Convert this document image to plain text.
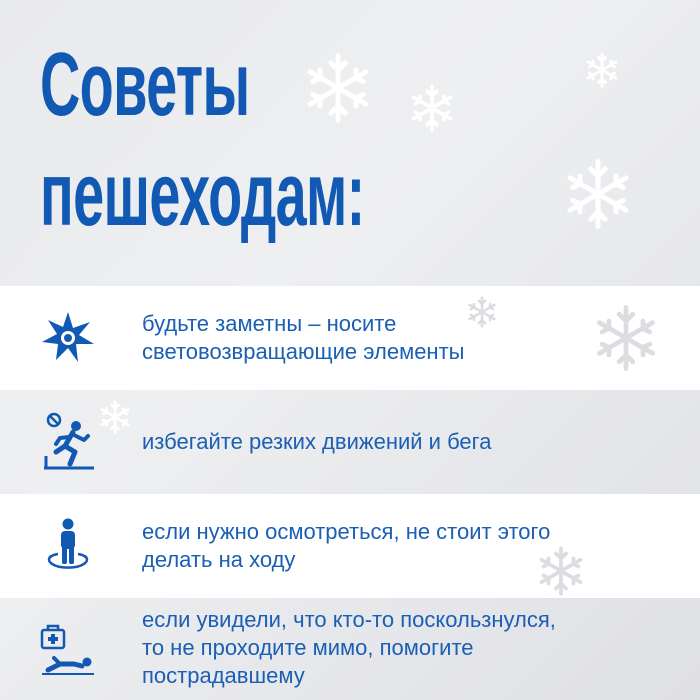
Советы
пешеходам:
будьте заметны – носите
световозвращающие элементы
избегайте резких движений и бега
если нужно осмотреться, не стоит этого
делать на ходу
если увидели, что кто-то поскользнулся,
то не проходите мимо, помогите
пострадавшему
